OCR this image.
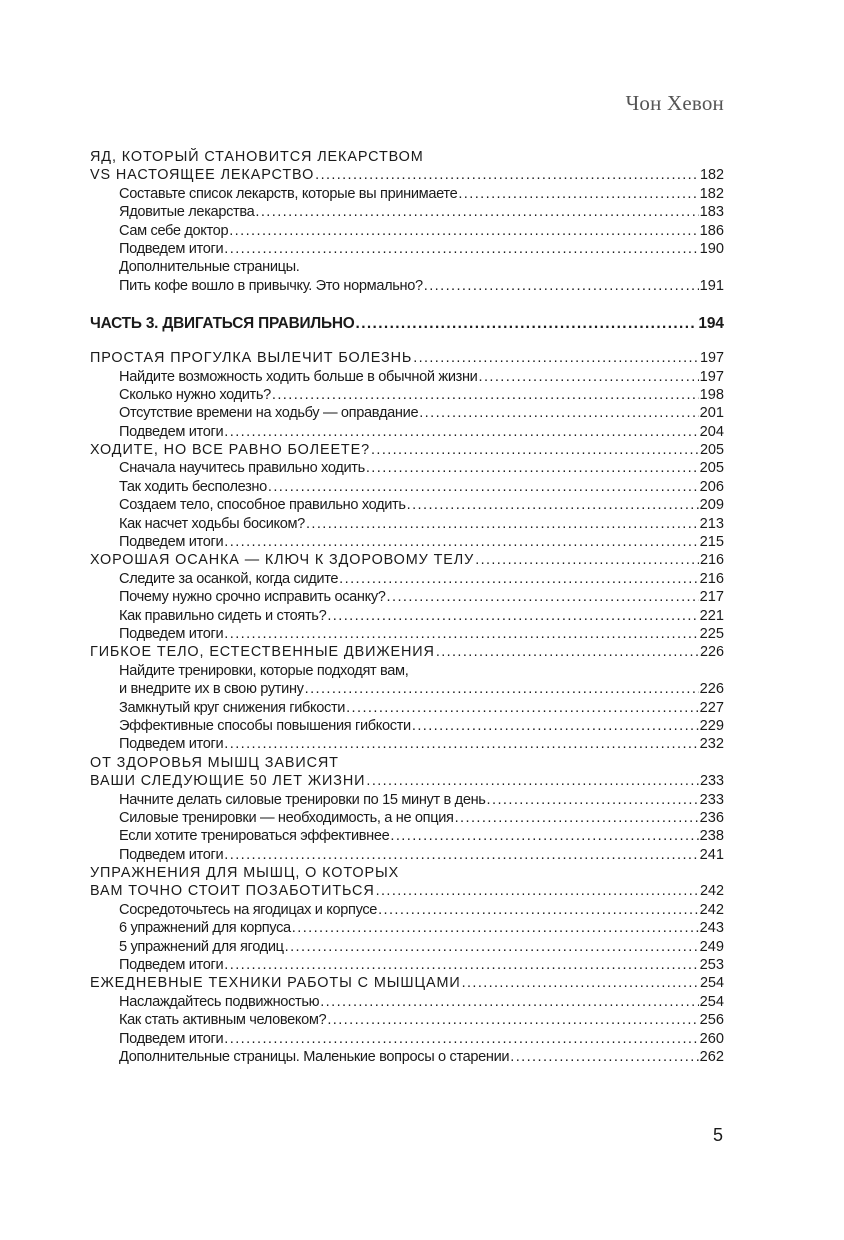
Чон Хевон
ЯД, КОТОРЫЙ СТАНОВИТСЯ ЛЕКАРСТВОМ
VS НАСТОЯЩЕЕ ЛЕКАРСТВО .....	182
Составьте список лекарств, которые вы принимаете .....	182
Ядовитые лекарства .....	183
Сам себе доктор .....	186
Подведем итоги .....	190
Дополнительные страницы.
Пить кофе вошло в привычку. Это нормально? .....	191
ЧАСТЬ 3. ДВИГАТЬСЯ ПРАВИЛЬНО .....	194
ПРОСТАЯ ПРОГУЛКА ВЫЛЕЧИТ БОЛЕЗНЬ .....	197
Найдите возможность ходить больше в обычной жизни .....	197
Сколько нужно ходить? .....	198
Отсутствие времени на ходьбу — оправдание .....	201
Подведем итоги .....	204
ХОДИТЕ, НО ВСЕ РАВНО БОЛЕЕТЕ? .....	205
Сначала научитесь правильно ходить .....	205
Так ходить бесполезно .....	206
Создаем тело, способное правильно ходить .....	209
Как насчет ходьбы босиком? .....	213
Подведем итоги .....	215
ХОРОШАЯ ОСАНКА — КЛЮЧ К ЗДОРОВОМУ ТЕЛУ .....	216
Следите за осанкой, когда сидите .....	216
Почему нужно срочно исправить осанку? .....	217
Как правильно сидеть и стоять? .....	221
Подведем итоги .....	225
ГИБКОЕ ТЕЛО, ЕСТЕСТВЕННЫЕ ДВИЖЕНИЯ .....	226
Найдите тренировки, которые подходят вам,
и внедрите их в свою рутину .....	226
Замкнутый круг снижения гибкости .....	227
Эффективные способы повышения гибкости .....	229
Подведем итоги .....	232
ОТ ЗДОРОВЬЯ МЫШЦ ЗАВИСЯТ
ВАШИ СЛЕДУЮЩИЕ 50 ЛЕТ ЖИЗНИ .....	233
Начните делать силовые тренировки по 15 минут в день .....	233
Силовые тренировки — необходимость, а не опция .....	236
Если хотите тренироваться эффективнее .....	238
Подведем итоги .....	241
УПРАЖНЕНИЯ ДЛЯ МЫШЦ, О КОТОРЫХ
ВАМ ТОЧНО СТОИТ ПОЗАБОТИТЬСЯ .....	242
Сосредоточьтесь на ягодицах и корпусе .....	242
6 упражнений для корпуса .....	243
5 упражнений для ягодиц .....	249
Подведем итоги .....	253
ЕЖЕДНЕВНЫЕ ТЕХНИКИ РАБОТЫ С МЫШЦАМИ .....	254
Наслаждайтесь подвижностью .....	254
Как стать активным человеком? .....	256
Подведем итоги .....	260
Дополнительные страницы. Маленькие вопросы о старении .....	262
5
